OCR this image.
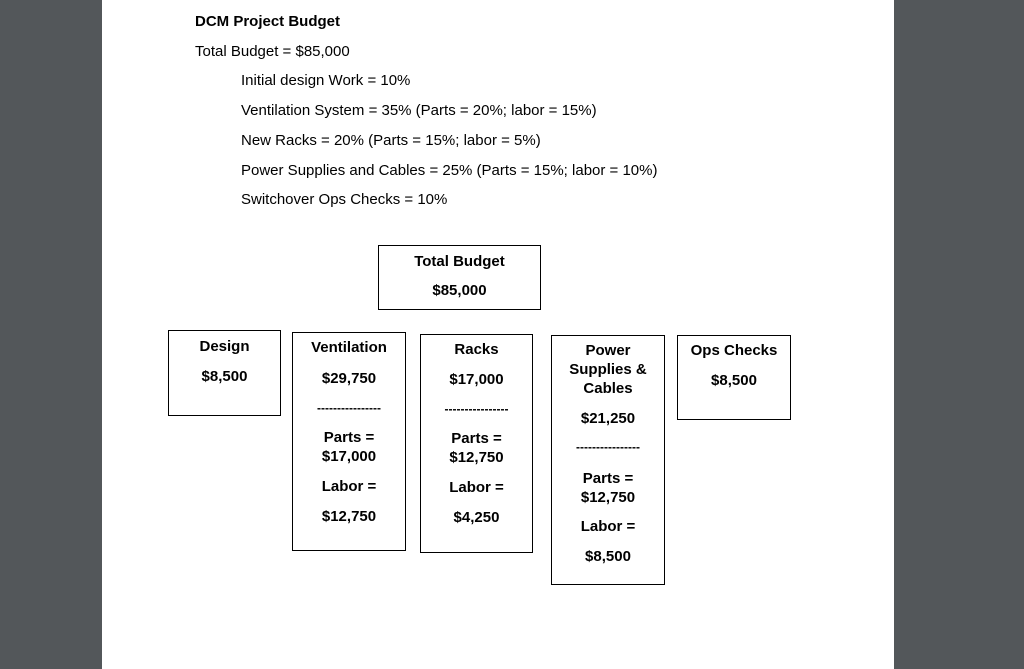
DCM Project Budget
Total Budget = $85,000
Initial design Work = 10%
Ventilation System = 35% (Parts = 20%; labor = 15%)
New Racks = 20% (Parts = 15%; labor = 5%)
Power Supplies and Cables = 25% (Parts = 15%; labor = 10%)
Switchover Ops Checks = 10%
Total Budget
$85,000
Design
$8,500
Ventilation
$29,750
----------------
Parts =
$17,000
Labor =
$12,750
Racks
$17,000
----------------
Parts =
$12,750
Labor =
$4,250
Power
Supplies &
Cables
$21,250
----------------
Parts =
$12,750
Labor =
$8,500
Ops Checks
$8,500
